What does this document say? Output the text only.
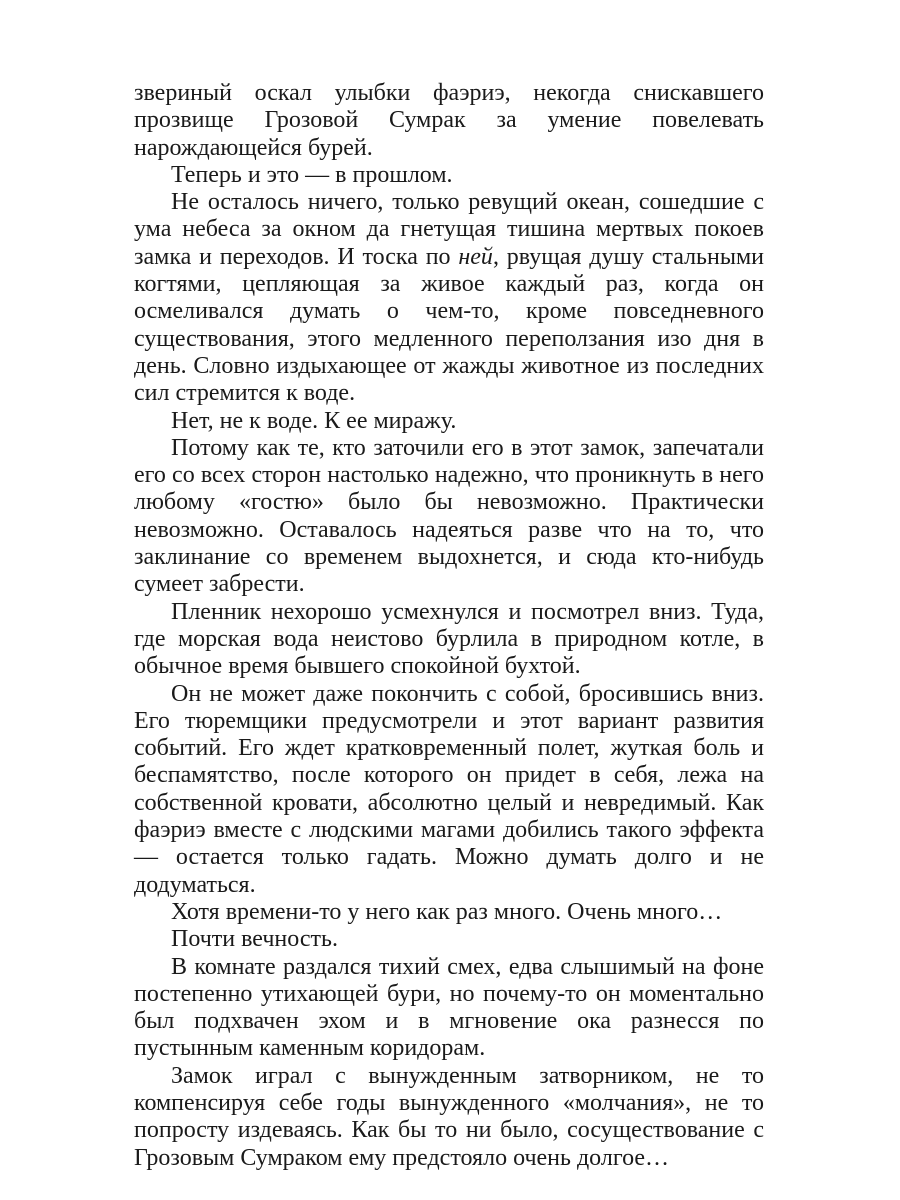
звериный оскал улыбки фаэриэ, некогда снискавшего прозвище Грозовой Сумрак за умение повелевать нарождающейся бурей.

Теперь и это — в прошлом.

Не осталось ничего, только ревущий океан, сошедшие с ума небеса за окном да гнетущая тишина мертвых покоев замка и переходов. И тоска по ней, рвущая душу стальными когтями, цепляющая за живое каждый раз, когда он осмеливался думать о чем-то, кроме повседневного существования, этого медленного переползания изо дня в день. Словно издыхающее от жажды животное из последних сил стремится к воде.

Нет, не к воде. К ее миражу.

Потому как те, кто заточили его в этот замок, запечатали его со всех сторон настолько надежно, что проникнуть в него любому «гостю» было бы невозможно. Практически невозможно. Оставалось надеяться разве что на то, что заклинание со временем выдохнется, и сюда кто-нибудь сумеет забрести.

Пленник нехорошо усмехнулся и посмотрел вниз. Туда, где морская вода неистово бурлила в природном котле, в обычное время бывшего спокойной бухтой.

Он не может даже покончить с собой, бросившись вниз. Его тюремщики предусмотрели и этот вариант развития событий. Его ждет кратковременный полет, жуткая боль и беспамятство, после которого он придет в себя, лежа на собственной кровати, абсолютно целый и невредимый. Как фаэриэ вместе с людскими магами добились такого эффекта — остается только гадать. Можно думать долго и не додуматься.

Хотя времени-то у него как раз много. Очень много…

Почти вечность.

В комнате раздался тихий смех, едва слышимый на фоне постепенно утихающей бури, но почему-то он моментально был подхвачен эхом и в мгновение ока разнесся по пустынным каменным коридорам.

Замок играл с вынужденным затворником, не то компенсируя себе годы вынужденного «молчания», не то попросту издеваясь. Как бы то ни было, сосуществование с Грозовым Сумраком ему предстояло очень долгое…
